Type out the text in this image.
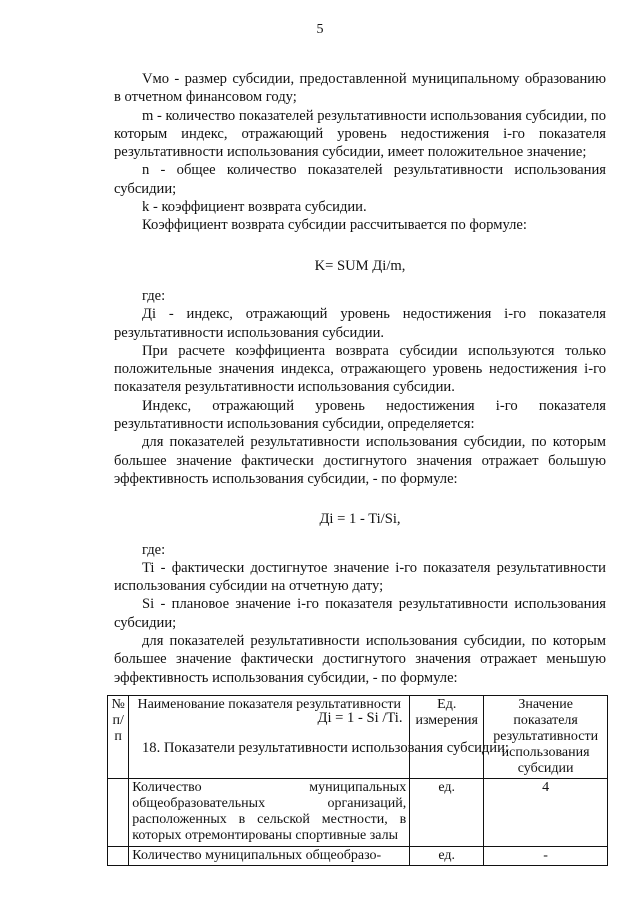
5

Vмо - размер субсидии, предоставленной муниципальному образованию в отчетном финансовом году;

m - количество показателей результативности использования субсидии, по которым индекс, отражающий уровень недостижения i-го показателя результативности использования субсидии, имеет положительное значение;

n - общее количество показателей результативности использования субсидии;

k - коэффициент возврата субсидии.

Коэффициент возврата субсидии рассчитывается по формуле:

K= SUM Дi/m,

где:

Дi - индекс, отражающий уровень недостижения i-го показателя результативности использования субсидии.

При расчете коэффициента возврата субсидии используются только положительные значения индекса, отражающего уровень недостижения i-го показателя результативности использования субсидии.

Индекс, отражающий уровень недостижения i-го показателя результативности использования субсидии, определяется:

для показателей результативности использования субсидии, по которым большее значение фактически достигнутого значения отражает большую эффективность использования субсидии, - по формуле:

Дi = 1 - Ti/Si,

где:

Ti - фактически достигнутое значение i-го показателя результативности использования субсидии на отчетную дату;

Si - плановое значение i-го показателя результативности использования субсидии;

для показателей результативности использования субсидии, по которым большее значение фактически достигнутого значения отражает меньшую эффективность использования субсидии, - по формуле:

Дi = 1 - Si /Ti.

18. Показатели результативности использования субсидии:

№ п/п	Наименование показателя результативности	Ед. измерения	Значение показателя результативности использования субсидии
	Количество муниципальных общеобразовательных организаций, расположенных в сельской местности, в которых отремонтированы спортивные залы	ед.	4
	Количество муниципальных общеобразо-	ед.	-
